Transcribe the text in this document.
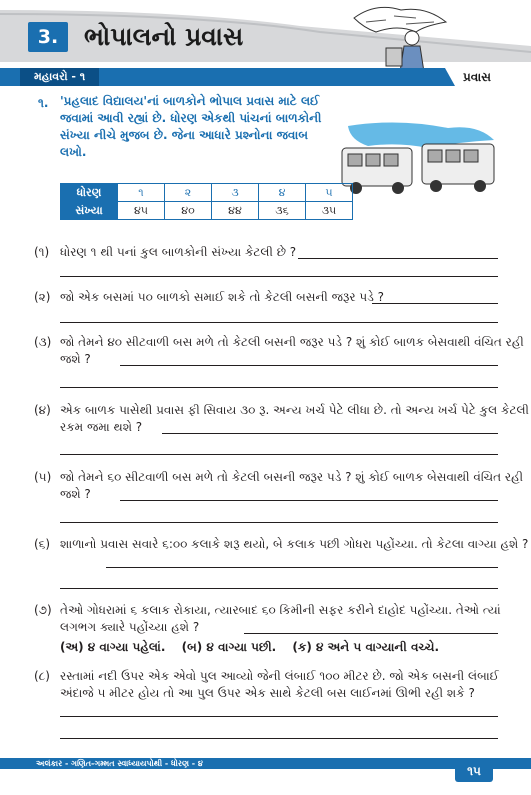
3.	ભોપાલનો પ્રવાસ
મહાવરો - ૧	પ્રવાસ
૧. 'પ્રહલાદ વિદ્યાલય'નાં બાળકોને ભોપાલ પ્રવાસ માટે લઈ જવામાં આવી રહ્યાં છે. ધોરણ એકથી પાંચનાં બાળકોની સંખ્યા નીચે મુજબ છે. જેના આધારે પ્રશ્નોના જવાબ લખો.
ધોરણ	૧	૨	૩	૪	૫
સંખ્યા	૪૫	૪૦	૪૪	૩૬	૩૫
(૧) ધોરણ ૧ થી ૫નાં કુલ બાળકોની સંખ્યા કેટલી છે ?
(૨) જો એક બસમાં ૫૦ બાળકો સમાઈ શકે તો કેટલી બસની જરૂર પડે ?
(૩) જો તેમને ૪૦ સીટવાળી બસ મળે તો કેટલી બસની જરૂર પડે ? શું કોઈ બાળક બેસવાથી વંચિત રહી જશે ?
(૪) એક બાળક પાસેથી પ્રવાસ ફી સિવાય ૩૦ રૂ. અન્ય ખર્ચ પેટે લીધા છે. તો અન્ય ખર્ચ પેટે કુલ કેટલી રકમ જમા થશે ?
(૫) જો તેમને ૬૦ સીટવાળી બસ મળે તો કેટલી બસની જરૂર પડે ? શું કોઈ બાળક બેસવાથી વંચિત રહી જશે ?
(૬) શાળાનો પ્રવાસ સવારે ૬:૦૦ કલાકે શરૂ થયો, બે કલાક પછી ગોધરા પહોંચ્યા. તો કેટલા વાગ્યા હશે ?
(૭) તેઓ ગોધરામાં ૬ કલાક રોકાયા, ત્યારબાદ ૬૦ કિમીની સફર કરીને દાહોદ પહોંચ્યા. તેઓ ત્યાં લગભગ ક્યારે પહોંચ્યા હશે ?
(અ) ૪ વાગ્યા પહેલાં. (બ) ૪ વાગ્યા પછી. (ક) ૪ અને ૫ વાગ્યાની વચ્ચે.
(૮) રસ્તામાં નદી ઉપર એક એવો પુલ આવ્યો જેની લંબાઈ ૧૦૦ મીટર છે. જો એક બસની લંબાઈ અંદાજે ૫ મીટર હોય તો આ પુલ ઉપર એક સાથે કેટલી બસ લાઈનમાં ઊભી રહી શકે ?
અલંકાર - ગણિત-ગમ્મત સ્વાધ્યાયપોથી - ધોરણ - ૪
૧૫
